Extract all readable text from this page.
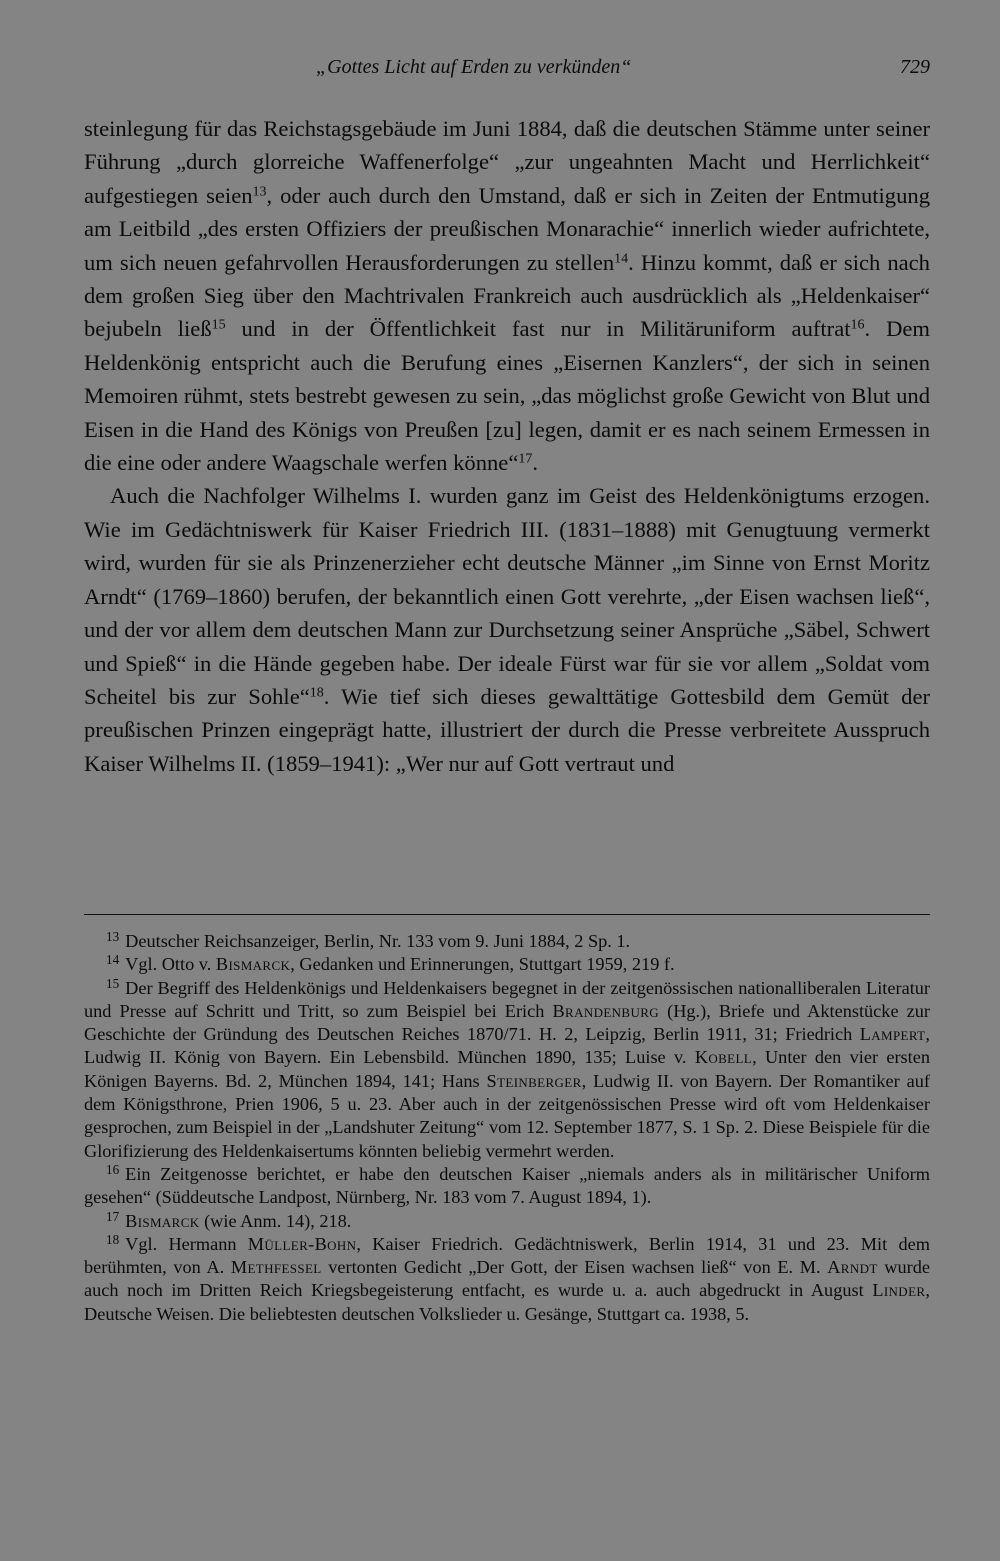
„Gottes Licht auf Erden zu verkünden“	729

steinlegung für das Reichstagsgebäude im Juni 1884, daß die deutschen Stämme unter seiner Führung „durch glorreiche Waffenerfolge“ „zur ungeahnten Macht und Herrlichkeit“ aufgestiegen seien$^{13}$, oder auch durch den Umstand, daß er sich in Zeiten der Entmutigung am Leitbild „des ersten Offiziers der preußischen Monarachie“ innerlich wieder aufrichtete, um sich neuen gefahrvollen Herausforderungen zu stellen$^{14}$. Hinzu kommt, daß er sich nach dem großen Sieg über den Machtrivalen Frankreich auch ausdrücklich als „Heldenkaiser“ bejubeln ließ$^{15}$ und in der Öffentlichkeit fast nur in Militäruniform auftrat$^{16}$. Dem Heldenkönig entspricht auch die Berufung eines „Eisernen Kanzlers“, der sich in seinen Memoiren rühmt, stets bestrebt gewesen zu sein, „das möglichst große Gewicht von Blut und Eisen in die Hand des Königs von Preußen [zu] legen, damit er es nach seinem Ermessen in die eine oder andere Waagschale werfen könne“$^{17}$.

Auch die Nachfolger Wilhelms I. wurden ganz im Geist des Heldenkönigtums erzogen. Wie im Gedächtniswerk für Kaiser Friedrich III. (1831–1888) mit Genugtuung vermerkt wird, wurden für sie als Prinzenerzieher echt deutsche Männer „im Sinne von Ernst Moritz Arndt“ (1769–1860) berufen, der bekanntlich einen Gott verehrte, „der Eisen wachsen ließ“, und der vor allem dem deutschen Mann zur Durchsetzung seiner Ansprüche „Säbel, Schwert und Spieß“ in die Hände gegeben habe. Der ideale Fürst war für sie vor allem „Soldat vom Scheitel bis zur Sohle“$^{18}$. Wie tief sich dieses gewalttätige Gottesbild dem Gemüt der preußischen Prinzen eingeprägt hatte, illustriert der durch die Presse verbreitete Ausspruch Kaiser Wilhelms II. (1859–1941): „Wer nur auf Gott vertraut und

$^{13}$ Deutscher Reichsanzeiger, Berlin, Nr. 133 vom 9. Juni 1884, 2 Sp. 1.

$^{14}$ Vgl. Otto v. Bismarck, Gedanken und Erinnerungen, Stuttgart 1959, 219 f.

$^{15}$ Der Begriff des Heldenkönigs und Heldenkaisers begegnet in der zeitgenössischen nationalliberalen Literatur und Presse auf Schritt und Tritt, so zum Beispiel bei Erich Brandenburg (Hg.), Briefe und Aktenstücke zur Geschichte der Gründung des Deutschen Reiches 1870/71. H. 2, Leipzig, Berlin 1911, 31; Friedrich Lampert, Ludwig II. König von Bayern. Ein Lebensbild. München 1890, 135; Luise v. Kobell, Unter den vier ersten Königen Bayerns. Bd. 2, München 1894, 141; Hans Steinberger, Ludwig II. von Bayern. Der Romantiker auf dem Königsthrone, Prien 1906, 5 u. 23. Aber auch in der zeitgenössischen Presse wird oft vom Heldenkaiser gesprochen, zum Beispiel in der „Landshuter Zeitung“ vom 12. September 1877, S. 1 Sp. 2. Diese Beispiele für die Glorifizierung des Heldenkaisertums könnten beliebig vermehrt werden.

$^{16}$ Ein Zeitgenosse berichtet, er habe den deutschen Kaiser „niemals anders als in militärischer Uniform gesehen“ (Süddeutsche Landpost, Nürnberg, Nr. 183 vom 7. August 1894, 1).

$^{17}$ Bismarck (wie Anm. 14), 218.

$^{18}$ Vgl. Hermann Müller-Bohn, Kaiser Friedrich. Gedächtniswerk, Berlin 1914, 31 und 23. Mit dem berühmten, von A. Methfessel vertonten Gedicht „Der Gott, der Eisen wachsen ließ“ von E. M. Arndt wurde auch noch im Dritten Reich Kriegsbegeisterung entfacht, es wurde u. a. auch abgedruckt in August Linder, Deutsche Weisen. Die beliebtesten deutschen Volkslieder u. Gesänge, Stuttgart ca. 1938, 5.
